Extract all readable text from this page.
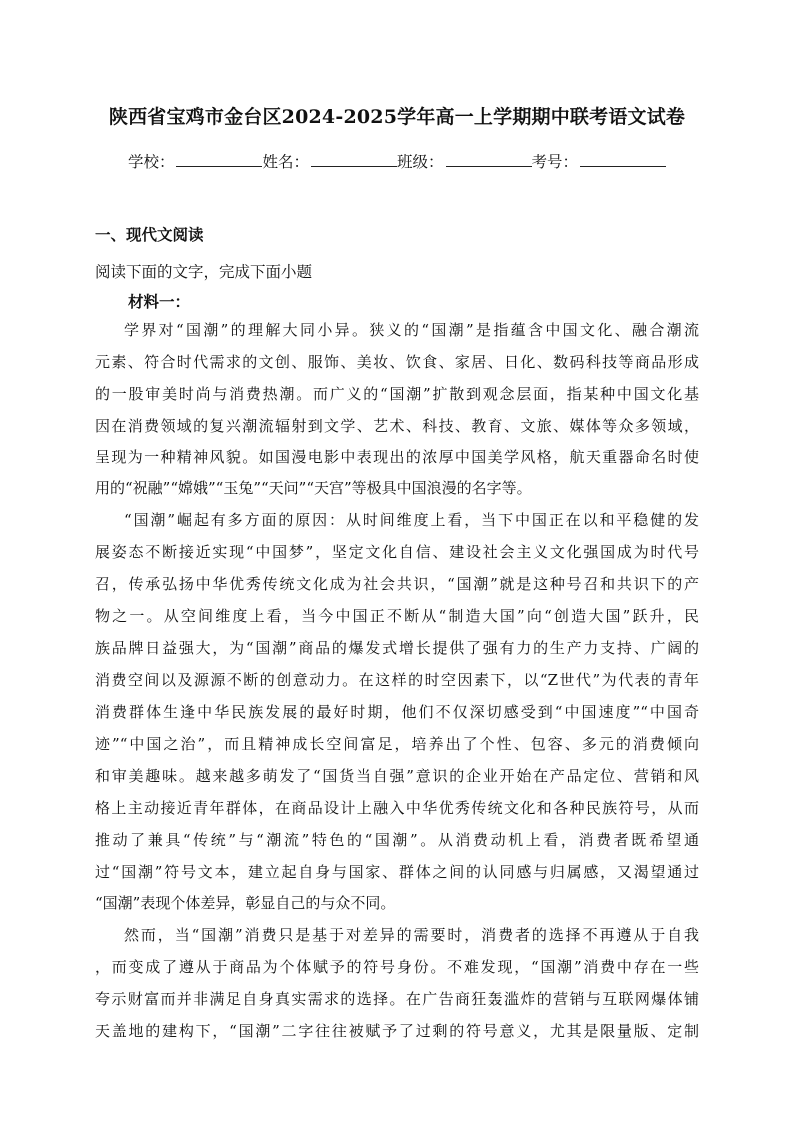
陕西省宝鸡市金台区2024-2025学年高一上学期期中联考语文试卷
学校：	姓名：	班级：	考号：
一、现代文阅读
阅读下面的文字，完成下面小题
材料一：
学界对“国潮”的理解大同小异。狭义的“国潮”是指蕴含中国文化、融合潮流
元素、符合时代需求的文创、服饰、美妆、饮食、家居、日化、数码科技等商品形成
的一股审美时尚与消费热潮。而广义的“国潮”扩散到观念层面，指某种中国文化基
因在消费领域的复兴潮流辐射到文学、艺术、科技、教育、文旅、媒体等众多领域，
呈现为一种精神风貌。如国漫电影中表现出的浓厚中国美学风格，航天重器命名时使
用的“祝融”“嫦娥”“玉兔”“天问”“天宫”等极具中国浪漫的名字等。
“国潮”崛起有多方面的原因：从时间维度上看，当下中国正在以和平稳健的发
展姿态不断接近实现“中国梦”，坚定文化自信、建设社会主义文化强国成为时代号
召，传承弘扬中华优秀传统文化成为社会共识，“国潮”就是这种号召和共识下的产
物之一。从空间维度上看，当今中国正不断从“制造大国”向“创造大国”跃升，民
族品牌日益强大，为“国潮”商品的爆发式增长提供了强有力的生产力支持、广阔的
消费空间以及源源不断的创意动力。在这样的时空因素下，以“Z世代”为代表的青年
消费群体生逢中华民族发展的最好时期，他们不仅深切感受到“中国速度”“中国奇
迹”“中国之治”，而且精神成长空间富足，培养出了个性、包容、多元的消费倾向
和审美趣味。越来越多萌发了“国货当自强”意识的企业开始在产品定位、营销和风
格上主动接近青年群体，在商品设计上融入中华优秀传统文化和各种民族符号，从而
推动了兼具“传统”与“潮流”特色的“国潮”。从消费动机上看，消费者既希望通
过“国潮”符号文本，建立起自身与国家、群体之间的认同感与归属感，又渴望通过
“国潮”表现个体差异，彰显自己的与众不同。
然而，当“国潮”消费只是基于对差异的需要时，消费者的选择不再遵从于自我
，而变成了遵从于商品为个体赋予的符号身份。不难发现，“国潮”消费中存在一些
夸示财富而并非满足自身真实需求的选择。在广告商狂轰滥炸的营销与互联网爆体铺
天盖地的建构下，“国潮”二字往往被赋予了过剩的符号意义，尤其是限量版、定制
